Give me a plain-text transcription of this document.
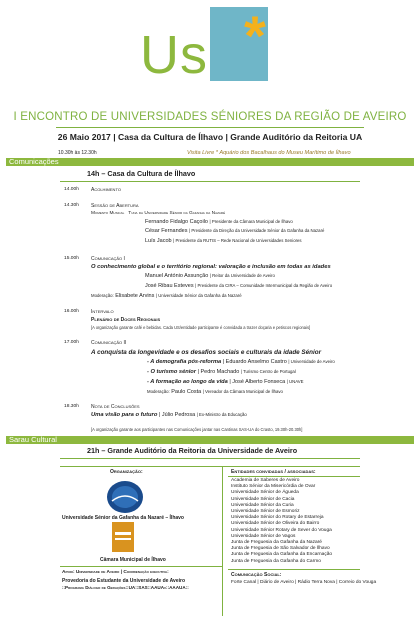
Us *
I ENCONTRO DE UNIVERSIDADES SÉNIORES DA REGIÃO DE AVEIRO
26 Maio 2017 | Casa da Cultura de Ílhavo | Grande Auditório da Reitoria UA
10.30h às 12.30h	Visita Livre * Aquário dos Bacalhaus do Museu Marítimo de Ílhavo
Comunicações
14h – Casa da Cultura de Ílhavo
14.00h Acolhimento
14.30h Sessão de Abertura
Momento Musical Tuna da Universidade Sénior da Gafanha da Nazaré
Fernando Fidalgo Caçoilo | Presidente da Câmara Municipal de Ílhavo
César Fernandes | Presidente da Direção da Universidade Sénior da Gafanha da Nazaré
Luís Jacob | Presidente da RUTIS – Rede Nacional de Universidades Seniores
15.00h Comunicação I
O conhecimento global e o território regional: valoração e inclusão em todas as idades
Manuel António Assunção | Reitor da Universidade de Aveiro
José Ribau Esteves | Presidente da CIRA – Comunidade Intermunicipal da Região de Aveiro
Moderação: Elisabete Arvins | Universidade Sénior da Gafanha da Nazaré
16.00h Intervalo
Plenário de Doces Regionais
[A organização garante café e bebidas. Cada US/entidade participante é convidada a trazer doçaria e petiscos regionais]
17.00h Comunicação II
A conquista da longevidade e os desafios sociais e culturais da idade Sénior
- A demografia pós-reforma | Eduardo Anselmo Castro | Universidade de Aveiro
- O turismo sénior | Pedro Machado | Turismo Centro de Portugal
- A formação ao longo da vida | José Alberto Fonseca | UNAVE
Moderação: Paulo Costa | Vereador da Câmara Municipal de Ílhavo
18.30h Nota de Conclusões
Uma visão para o futuro | Júlio Pedrosa | Ex-Ministro da Educação
[A organização garante aos participantes nas Comunicações jantar nas Cantinas SAS-UA do Crasto, 19.30h-20.30h]
Sarau Cultural
21h – Grande Auditório da Reitoria da Universidade de Aveiro
Organização:
Universidade Sénior da Gafanha da Nazaré – Ílhavo
Câmara Municipal de Ílhavo
Apoio: Universidade de Aveiro | Coordenação executiva:
Provedoria do Estudante da Universidade de Aveiro
::Programa Diálogo de Gerações::UA::SAS::AAUAv::AAAUA::
Entidades convidadas / associadas:
Academia de Saberes de Aveiro
Instituto Sénior da Misericórdia de Ovar
Universidade Sénior de Águeda
Universidade Sénior de Cacia
Universidade Sénior da Curia
Universidade Sénior de Esmoriz
Universidade Sénior do Rotary de Estarreja
Universidade Sénior de Oliveira do Bairro
Universidade Sénior Rotary de Sever do Vouga
Universidade Sénior de Vagos
Junta de Freguesia da Gafanha da Nazaré
Junta de Freguesia de São Salvador de Ílhavo
Junta de Freguesia da Gafanha da Encarnação
Junta de Freguesia da Gafanha do Carmo
Comunicação Social:
Forte Canal | Diário de Aveiro | Rádio Terra Nova | Correio do Vouga
